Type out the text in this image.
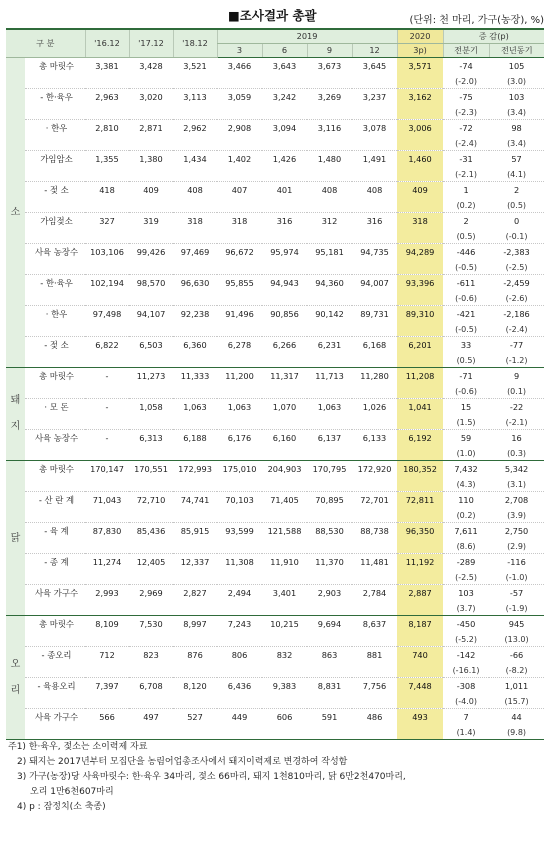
■조사결과 총괄	(단위: 천 마리, 가구(농장), %)
구 분		'16.12	'17.12	'18.12	2019				2020	증 감(p)	
					3	6	9	12	3p)	전분기	전년동기
소	총 마릿수	3,381	3,428	3,521	3,466	3,643	3,673	3,645	3,571	-74	105
										(-2.0)	(3.0)
	- 한·육우	2,963	3,020	3,113	3,059	3,242	3,269	3,237	3,162	-75	103
										(-2.3)	(3.4)
	· 한우	2,810	2,871	2,962	2,908	3,094	3,116	3,078	3,006	-72	98
										(-2.4)	(3.4)
	가임암소	1,355	1,380	1,434	1,402	1,426	1,480	1,491	1,460	-31	57
										(-2.1)	(4.1)
	- 젖 소	418	409	408	407	401	408	408	409	1	2
										(0.2)	(0.5)
	가임젖소	327	319	318	318	316	312	316	318	2	0
										(0.5)	(-0.1)
	사육 농장수	103,106	99,426	97,469	96,672	95,974	95,181	94,735	94,289	-446	-2,383
										(-0.5)	(-2.5)
	- 한·육우	102,194	98,570	96,630	95,855	94,943	94,360	94,007	93,396	-611	-2,459
										(-0.6)	(-2.6)
	· 한우	97,498	94,107	92,238	91,496	90,856	90,142	89,731	89,310	-421	-2,186
										(-0.5)	(-2.4)
	- 젖 소	6,822	6,503	6,360	6,278	6,266	6,231	6,168	6,201	33	-77
										(0.5)	(-1.2)
돼지	총 마릿수	-	11,273	11,333	11,200	11,317	11,713	11,280	11,208	-71	9
										(-0.6)	(0.1)
	· 모 돈	-	1,058	1,063	1,063	1,070	1,063	1,026	1,041	15	-22
										(1.5)	(-2.1)
	사육 농장수	-	6,313	6,188	6,176	6,160	6,137	6,133	6,192	59	16
										(1.0)	(0.3)
닭	총 마릿수	170,147	170,551	172,993	175,010	204,903	170,795	172,920	180,352	7,432	5,342
										(4.3)	(3.1)
	- 산 란 계	71,043	72,710	74,741	70,103	71,405	70,895	72,701	72,811	110	2,708
										(0.2)	(3.9)
	- 육 계	87,830	85,436	85,915	93,599	121,588	88,530	88,738	96,350	7,611	2,750
										(8.6)	(2.9)
	- 종 계	11,274	12,405	12,337	11,308	11,910	11,370	11,481	11,192	-289	-116
										(-2.5)	(-1.0)
	사육 가구수	2,993	2,969	2,827	2,494	3,401	2,903	2,784	2,887	103	-57
										(3.7)	(-1.9)
오리	총 마릿수	8,109	7,530	8,997	7,243	10,215	9,694	8,637	8,187	-450	945
										(-5.2)	(13.0)
	- 종오리	712	823	876	806	832	863	881	740	-142	-66
										(-16.1)	(-8.2)
	- 육용오리	7,397	6,708	8,120	6,436	9,383	8,831	7,756	7,448	-308	1,011
										(-4.0)	(15.7)
	사육 가구수	566	497	527	449	606	591	486	493	7	44
										(1.4)	(9.8)
주1) 한·육우, 젖소는 소이력제 자료
2) 돼지는 2017년부터 모집단을 농림어업총조사에서 돼지이력제로 변경하여 작성함
3) 가구(농장)당 사육마릿수: 한·육우 34마리, 젖소 66마리, 돼지 1천810마리, 닭 6만2천470마리,
오리 1만6천607마리
4) p : 잠정치(소 축종)
